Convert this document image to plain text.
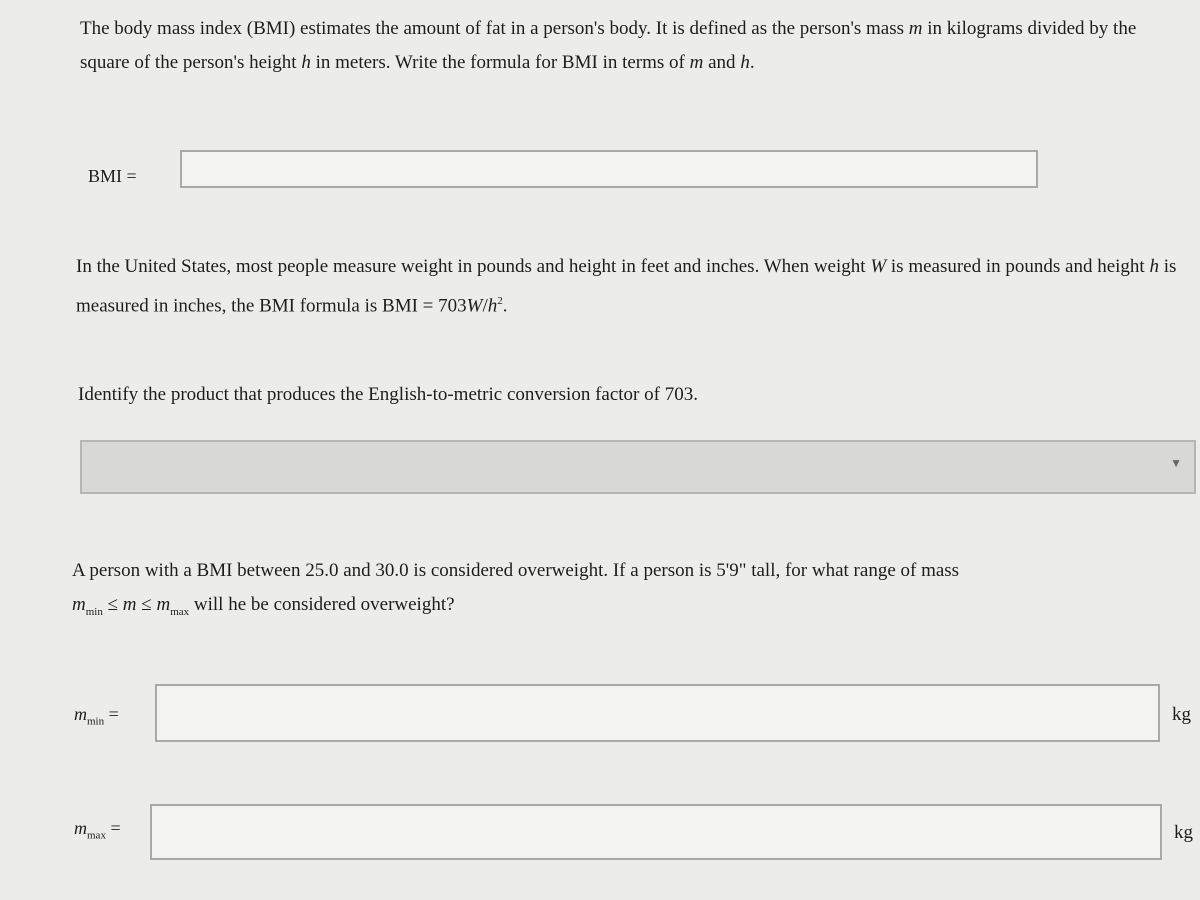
The body mass index (BMI) estimates the amount of fat in a person's body. It is defined as the person's mass m in kilograms divided by the square of the person's height h in meters. Write the formula for BMI in terms of m and h.
BMI =
In the United States, most people measure weight in pounds and height in feet and inches. When weight W is measured in pounds and height h is measured in inches, the BMI formula is BMI = $703W/h^2$.
Identify the product that produces the English-to-metric conversion factor of 703.
▼
A person with a BMI between 25.0 and 30.0 is considered overweight. If a person is 5'9" tall, for what range of mass
$m_{min} \le m \le m_{max}$ will he be considered overweight?
$m_{min}$ =	kg
$m_{max}$ =	kg
